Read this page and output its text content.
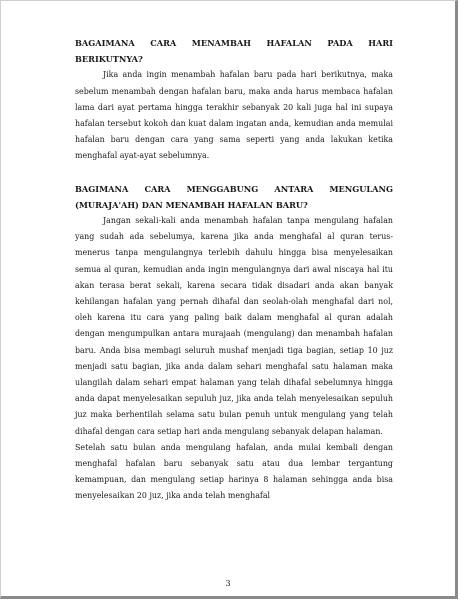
BAGAIMANA CARA MENAMBAH HAFALAN PADA HARI BERIKUTNYA?

Jika anda ingin menambah hafalan baru pada hari berikutnya, maka sebelum menambah dengan hafalan baru, maka anda harus membaca hafalan lama dari ayat pertama hingga terakhir sebanyak 20 kali juga hal ini supaya hafalan tersebut kokoh dan kuat dalam ingatan anda, kemudian anda memulai hafalan baru dengan cara yang sama seperti yang anda lakukan ketika menghafal ayat-ayat sebelumnya.

BAGIMANA CARA MENGGABUNG ANTARA MENGULANG (MURAJA'AH) DAN MENAMBAH HAFALAN BARU?

Jangan sekali-kali anda menambah hafalan tanpa mengulang hafalan yang sudah ada sebelumya, karena jika anda menghafal al quran terus-menerus tanpa mengulangnya terlebih dahulu hingga bisa menyelesaikan semua al quran, kemudian anda ingin mengulangnya dari awal niscaya hal itu akan terasa berat sekali, karena secara tidak disadari anda akan banyak kehilangan hafalan yang pernah dihafal dan seolah-olah menghafal dari nol, oleh karena itu cara yang paling baik dalam menghafal al quran adalah dengan mengumpulkan antara murajaah (mengulang) dan menambah hafalan baru. Anda bisa membagi seluruh mushaf menjadi tiga bagian, setiap 10 juz menjadi satu bagian, jika anda dalam sehari menghafal satu halaman maka ulangilah dalam sehari empat halaman yang telah dihafal sebelumnya hingga anda dapat menyelesaikan sepuluh juz, jika anda telah menyelesaikan sepuluh juz maka berhentilah selama satu bulan penuh untuk mengulang yang telah dihafal dengan cara setiap hari anda mengulang sebanyak delapan halaman.

Setelah satu bulan anda mengulang hafalan, anda mulai kembali dengan menghafal hafalan baru sebanyak satu atau dua lembar tergantung kemampuan, dan mengulang setiap harinya 8 halaman sehingga anda bisa menyelesaikan 20 juz, jika anda telah menghafal

3
